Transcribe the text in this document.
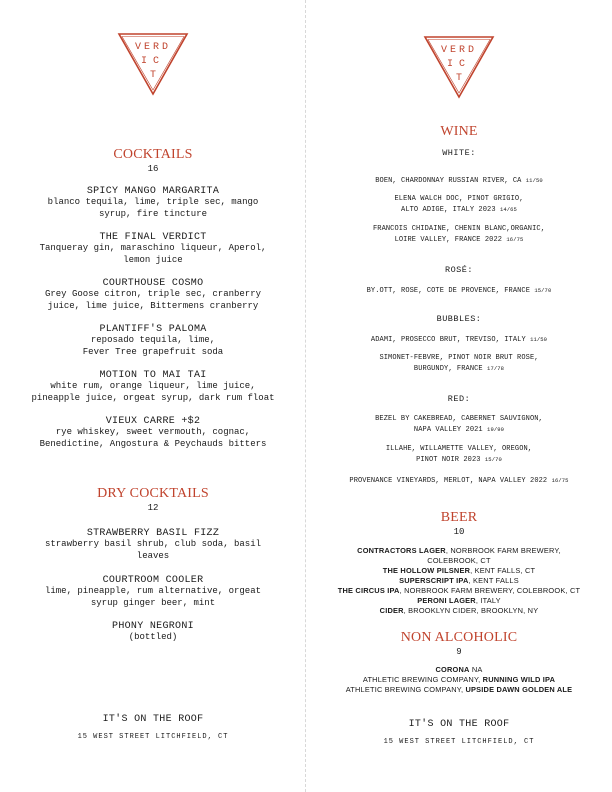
VERD
IC
T
COCKTAILS
16
SPICY MANGO MARGARITA
blanco tequila, lime, triple sec, mango
syrup, fire tincture
THE FINAL VERDICT
Tanqueray gin, maraschino liqueur, Aperol,
lemon juice
COURTHOUSE COSMO
Grey Goose citron, triple sec, cranberry
juice, lime juice, Bittermens cranberry
PLANTIFF'S PALOMA
reposado tequila, lime,
Fever Tree grapefruit soda
MOTION TO MAI TAI
white rum, orange liqueur, lime juice,
pineapple juice, orgeat syrup, dark rum float
VIEUX CARRE +$2
rye whiskey, sweet vermouth, cognac,
Benedictine, Angostura & Peychauds bitters
DRY COCKTAILS
12
STRAWBERRY BASIL FIZZ
strawberry basil shrub, club soda, basil
leaves
COURTROOM COOLER
lime, pineapple, rum alternative, orgeat
syrup ginger beer, mint
PHONY NEGRONI
(bottled)
IT'S ON THE ROOF
15 WEST STREET LITCHFIELD, CT
VERD
IC
T
WINE
WHITE:
BOEN, CHARDONNAY RUSSIAN RIVER, CA 11/50
ELENA WALCH DOC, PINOT GRIGIO,
ALTO ADIGE, ITALY 2023 14/65
FRANCOIS CHIDAINE, CHENIN BLANC,ORGANIC,
LOIRE VALLEY, FRANCE 2022 16/75
ROSÉ:
BY.OTT, ROSE, COTE DE PROVENCE, FRANCE 15/70
BUBBLES:
ADAMI, PROSECCO BRUT, TREVISO, ITALY 11/50
SIMONET-FEBVRE, PINOT NOIR BRUT ROSE,
BURGUNDY, FRANCE 17/78
RED:
BEZEL BY CAKEBREAD, CABERNET SAUVIGNON,
NAPA VALLEY 2021 19/90
ILLAHE, WILLAMETTE VALLEY, OREGON,
PINOT NOIR 2023 15/70
PROVENANCE VINEYARDS, MERLOT, NAPA VALLEY 2022 16/75
BEER
10
CONTRACTORS LAGER, NORBROOK FARM BREWERY,
COLEBROOK, CT
THE HOLLOW PILSNER, KENT FALLS, CT
SUPERSCRIPT IPA, KENT FALLS
THE CIRCUS IPA, NORBROOK FARM BREWERY, COLEBROOK, CT
PERONI LAGER, ITALY
CIDER, BROOKLYN CIDER, BROOKLYN, NY
NON ALCOHOLIC
9
CORONA NA
ATHLETIC BREWING COMPANY, RUNNING WILD IPA
ATHLETIC BREWING COMPANY, UPSIDE DAWN GOLDEN ALE
IT'S ON THE ROOF
15 WEST STREET LITCHFIELD, CT
